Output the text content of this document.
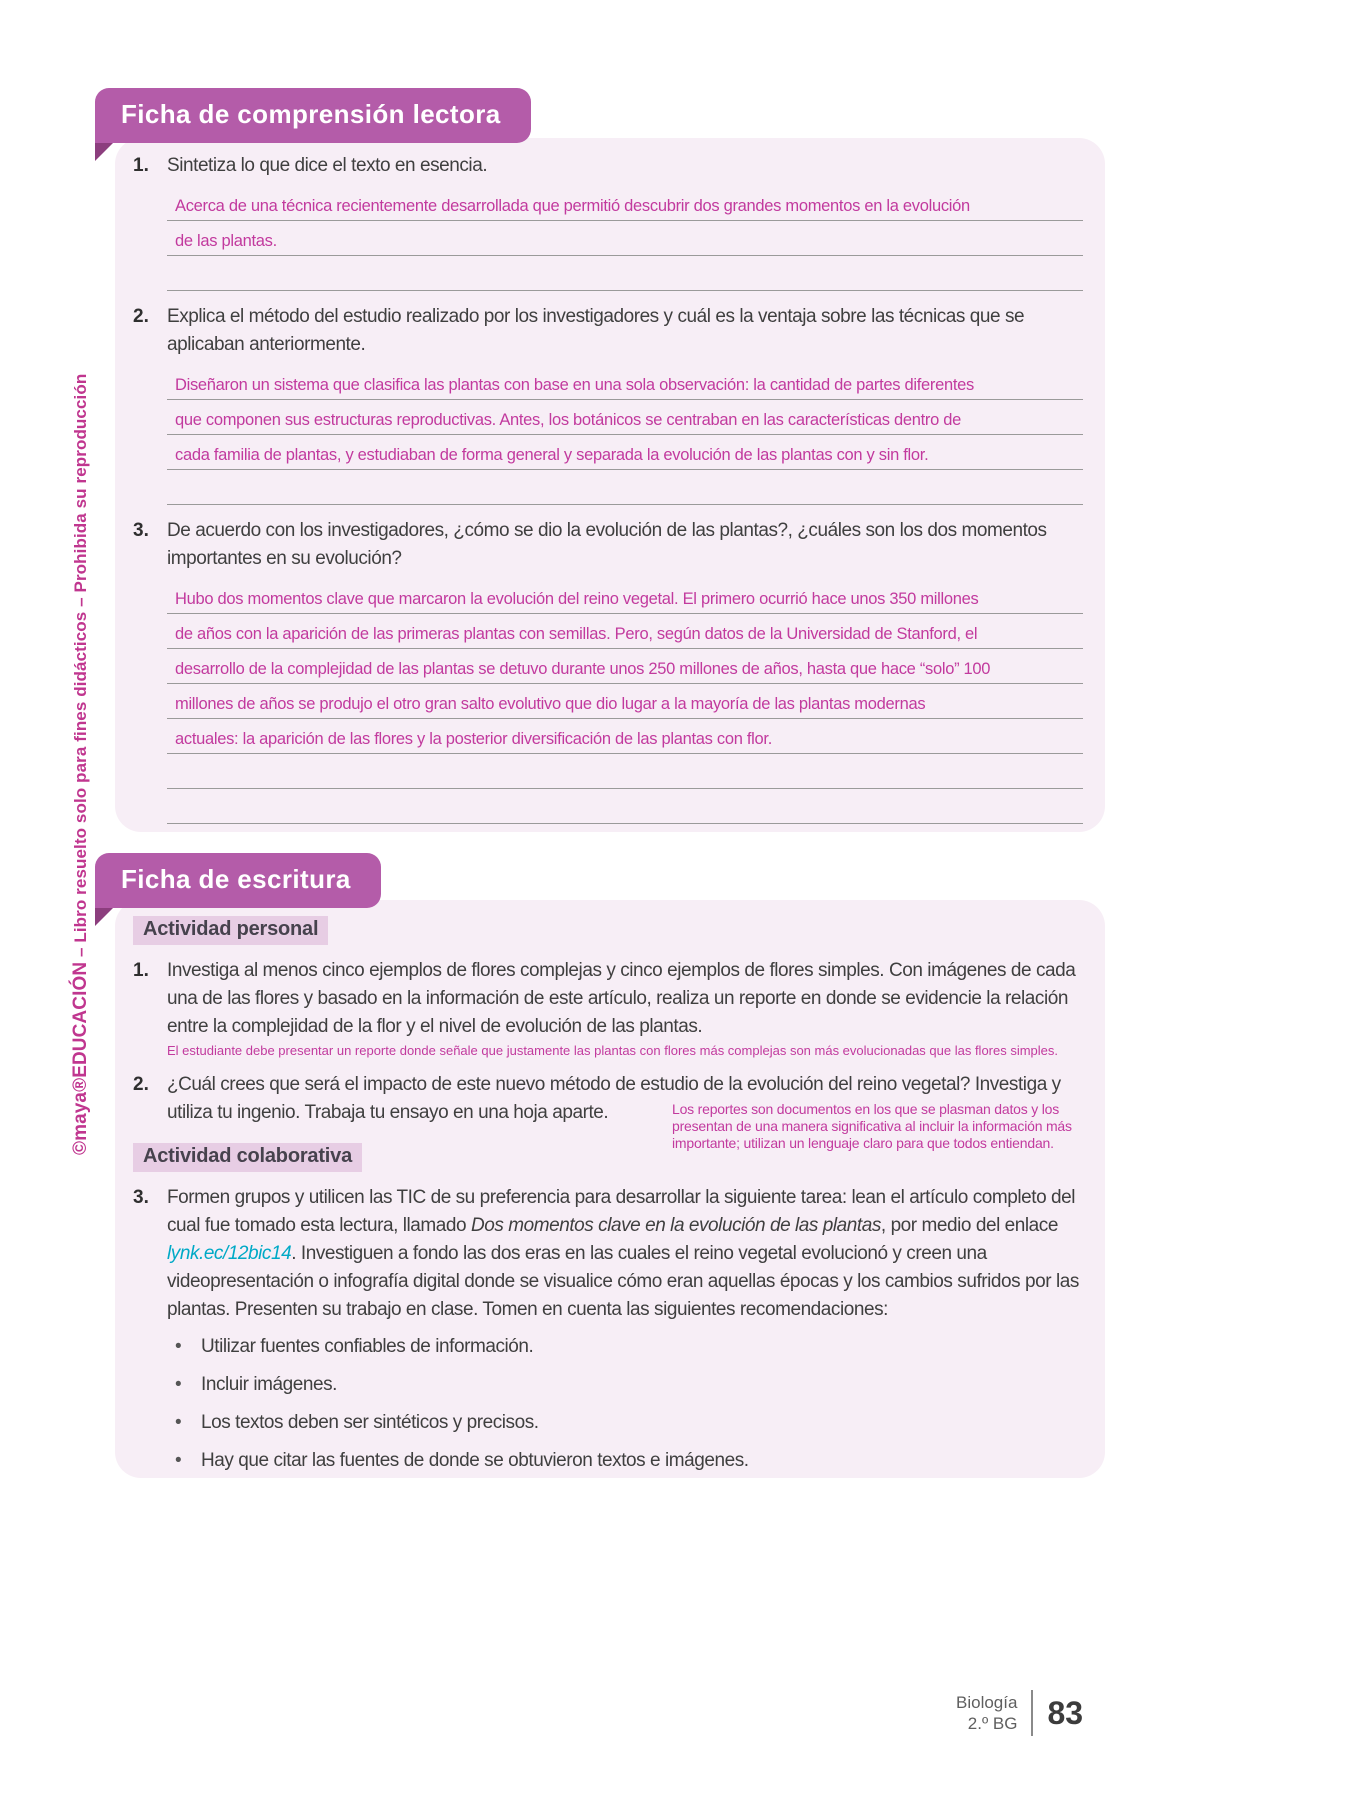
©maya®EDUCACIÓN – Libro resuelto solo para fines didácticos – Prohibida su reproducción
Ficha de comprensión lectora
1. Sintetiza lo que dice el texto en esencia.

Acerca de una técnica recientemente desarrollada que permitió descubrir dos grandes momentos en la evolución
de las plantas.
2. Explica el método del estudio realizado por los investigadores y cuál es la ventaja sobre las técnicas que se aplicaban anteriormente.

Diseñaron un sistema que clasifica las plantas con base en una sola observación: la cantidad de partes diferentes
que componen sus estructuras reproductivas. Antes, los botánicos se centraban en las características dentro de
cada familia de plantas, y estudiaban de forma general y separada la evolución de las plantas con y sin flor.
3. De acuerdo con los investigadores, ¿cómo se dio la evolución de las plantas?, ¿cuáles son los dos momentos importantes en su evolución?

Hubo dos momentos clave que marcaron la evolución del reino vegetal. El primero ocurrió hace unos 350 millones
de años con la aparición de las primeras plantas con semillas. Pero, según datos de la Universidad de Stanford, el
desarrollo de la complejidad de las plantas se detuvo durante unos 250 millones de años, hasta que hace “solo” 100
millones de años se produjo el otro gran salto evolutivo que dio lugar a la mayoría de las plantas modernas
actuales: la aparición de las flores y la posterior diversificación de las plantas con flor.
Ficha de escritura
Actividad personal
1. Investiga al menos cinco ejemplos de flores complejas y cinco ejemplos de flores simples. Con imágenes de cada una de las flores y basado en la información de este artículo, realiza un reporte en donde se evidencie la relación entre la complejidad de la flor y el nivel de evolución de las plantas.

El estudiante debe presentar un reporte donde señale que justamente las plantas con flores más complejas son más evolucionadas que las flores simples.
2. ¿Cuál crees que será el impacto de este nuevo método de estudio de la evolución del reino vegetal? Investiga y utiliza tu ingenio. Trabaja tu ensayo en una hoja aparte.	Los reportes son documentos en los que se plasman datos y los presentan de una manera significativa al incluir la información más importante; utilizan un lenguaje claro para que todos entiendan.
Actividad colaborativa
3. Formen grupos y utilicen las TIC de su preferencia para desarrollar la siguiente tarea: lean el artículo completo del cual fue tomado esta lectura, llamado Dos momentos clave en la evolución de las plantas, por medio del enlace lynk.ec/12bic14. Investiguen a fondo las dos eras en las cuales el reino vegetal evolucionó y creen una videopresentación o infografía digital donde se visualice cómo eran aquellas épocas y los cambios sufridos por las plantas. Presenten su trabajo en clase. Tomen en cuenta las siguientes recomendaciones:

• Utilizar fuentes confiables de información.
• Incluir imágenes.
• Los textos deben ser sintéticos y precisos.
• Hay que citar las fuentes de donde se obtuvieron textos e imágenes.
Biología
2.º BG 83
